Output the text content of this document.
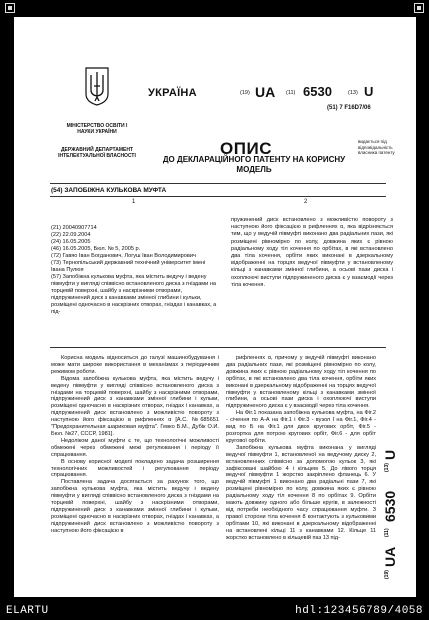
МІНІСТЕРСТВО ОСВІТИ І НАУКИ УКРАЇНИ
ДЕРЖАВНИЙ ДЕПАРТАМЕНТ ІНТЕЛЕКТУАЛЬНОЇ ВЛАСНОСТІ
УКРАЇНА	(19) UA (11) 6530	(13) U
(51) 7 F16D7/06
ОПИС
ДО ДЕКЛАРАЦІЙНОГО ПАТЕНТУ НА КОРИСНУ МОДЕЛЬ
видається під відповідальність власника патенту
(54) ЗАПОБІЖНА КУЛЬКОВА МУФТА
1	2

(21) 20040907714

(22) 22.09.2004

(24) 16.05.2005

(46) 16.05.2005, Бюл. № 5, 2005 р.

(72) Гавяо Іван Богданович, Логуш Іван Володимирович

(73) Тернопільський державний технічний університет імені Івана Пулюя

(57) Запобіжна кулькова муфта, яка містить ведучу і ведену півмуфти у вигляді співвісно встановленого диска з гніздами на торцевій поверхні, шайбу з наскрізними отворами, підпружинений диск з канавками змінної глибини і кульки, розміщені одночасно в наскрізних отворах, гніздах і канавках, а під-

пружинений диск встановлено з можливістю повороту з наступною його фіксацією в рифленнях α, яка відрізняється тим, що у ведучій півмуфті виконано два радіальних пази, які розміщені рівномірно по колу, довжина яких є рівною радіальному ходу тіл кочення по орбітах, в які встановлено два тіла кочення, орбіти яких виконані в дзеркальному відображенні на торцях ведучої півмуфти у встановленому кільці з канавками змінної глибини, а осьові пази диска і охоплюючі виступи підпружиненого диска є у взаємодії через тіла кочення.

Корисна модель відноситься до галузі машинобудування і може мати широке використання в механізмах з періодичним режимом роботи.

Відома запобіжна кулькова муфта, яка містить ведучу і ведену півмуфти у вигляді співвісно встановленого диска з гніздами на торцевій поверхні, шайбу з наскрізними отворами, підпружинений диск з канавками змінної глибини і кульки, розміщені одночасно в наскрізних отворах, гніздах і канавках, а підпружинений диск встановлено з можливістю повороту з наступною його фіксацією в рифленнях α [А.С. №685651 "Предохранительная шариковая муфта". Гевко Б.М., Дубік О.И. Бюл. №27, СССР, 1981].

Недоліком даної муфти є те, що технологічні можливості обмежені через обмежені межі регулювання і періоду її спрацювання.

В основу корисної моделі покладено задача розширення технологічних можливостей і регулювання періоду спрацювання.

Поставлена задача досягається за рахунок того, що запобіжна кулькова муфта, яка містить ведучу і ведену півмуфти у вигляді співвісно встановленого диска з гніздами на торцевій поверхні, шайбу з наскрізними отворами, підпружинений диск з канавками змінної глибини і кульки, розміщені одночасно в наскрізних отворах, гніздах і канавках, а підпружинений диск встановлено з можливістю повороту з наступною його фіксацією в

рифленнях α, причому у ведучій півмуфті виконано два радіальних пази, які розміщені рівномірно по колу, довжина яких є рівною радіальному ходу тіл кочення по орбітах, в які встановлено два тіла кочення, орбіти яких виконані в дзеркальному відображенні на торцях ведучої півмуфти у встановленому кільці з канавками змінної глибини, а осьові пази диска і охоплюючі виступи підпружиненого диска є у взаємодії через тіла кочення.

На Фіг.1 показана запобіжна кулькова муфта, на Фіг.2 - січення по А-А на Фіг.1 і Фіг.3 - вузол І на Фіг.1, Фіг.4 - вид по Б на Фіг.1 для двох кругових орбіт, Фіг.5 - розгортка для потрою кругових орбіт, Фіг.6 - для орбіт кругової орбіти.

Запобіжна кулькова муфта виконана у вигляді ведучої півмуфти 1, встановленої на ведучому диску 2, встановленних співвісно за допомогою кульок 3, які зафіксовані шайбою 4 і кільцем 5. До лівого торця ведучої півмуфти 1 жорстко закріплено фланець 6. У ведучій півмуфті 1 виконано два радіальні пази 7, які розміщені рівномірно по колу, довжина яких є рівною радіальному ходу тіл кочення 8 по орбітах 9. Орбіти мають довжину одного або більше кругів, в залежності від потреби необхідного часу спрацювання муфти. З правої сторони тіла кочення 8 контактують з кульковими орбітами 10, які виконані в дзеркальному відображенні на встановлені кільці 11 з канавками 12. Кільце 11 жорстко встановлено в кільцевій паз 13 під-

(19)
UA
(11)
6530
(13)
U
ELARTU	hdl:123456789/4058
